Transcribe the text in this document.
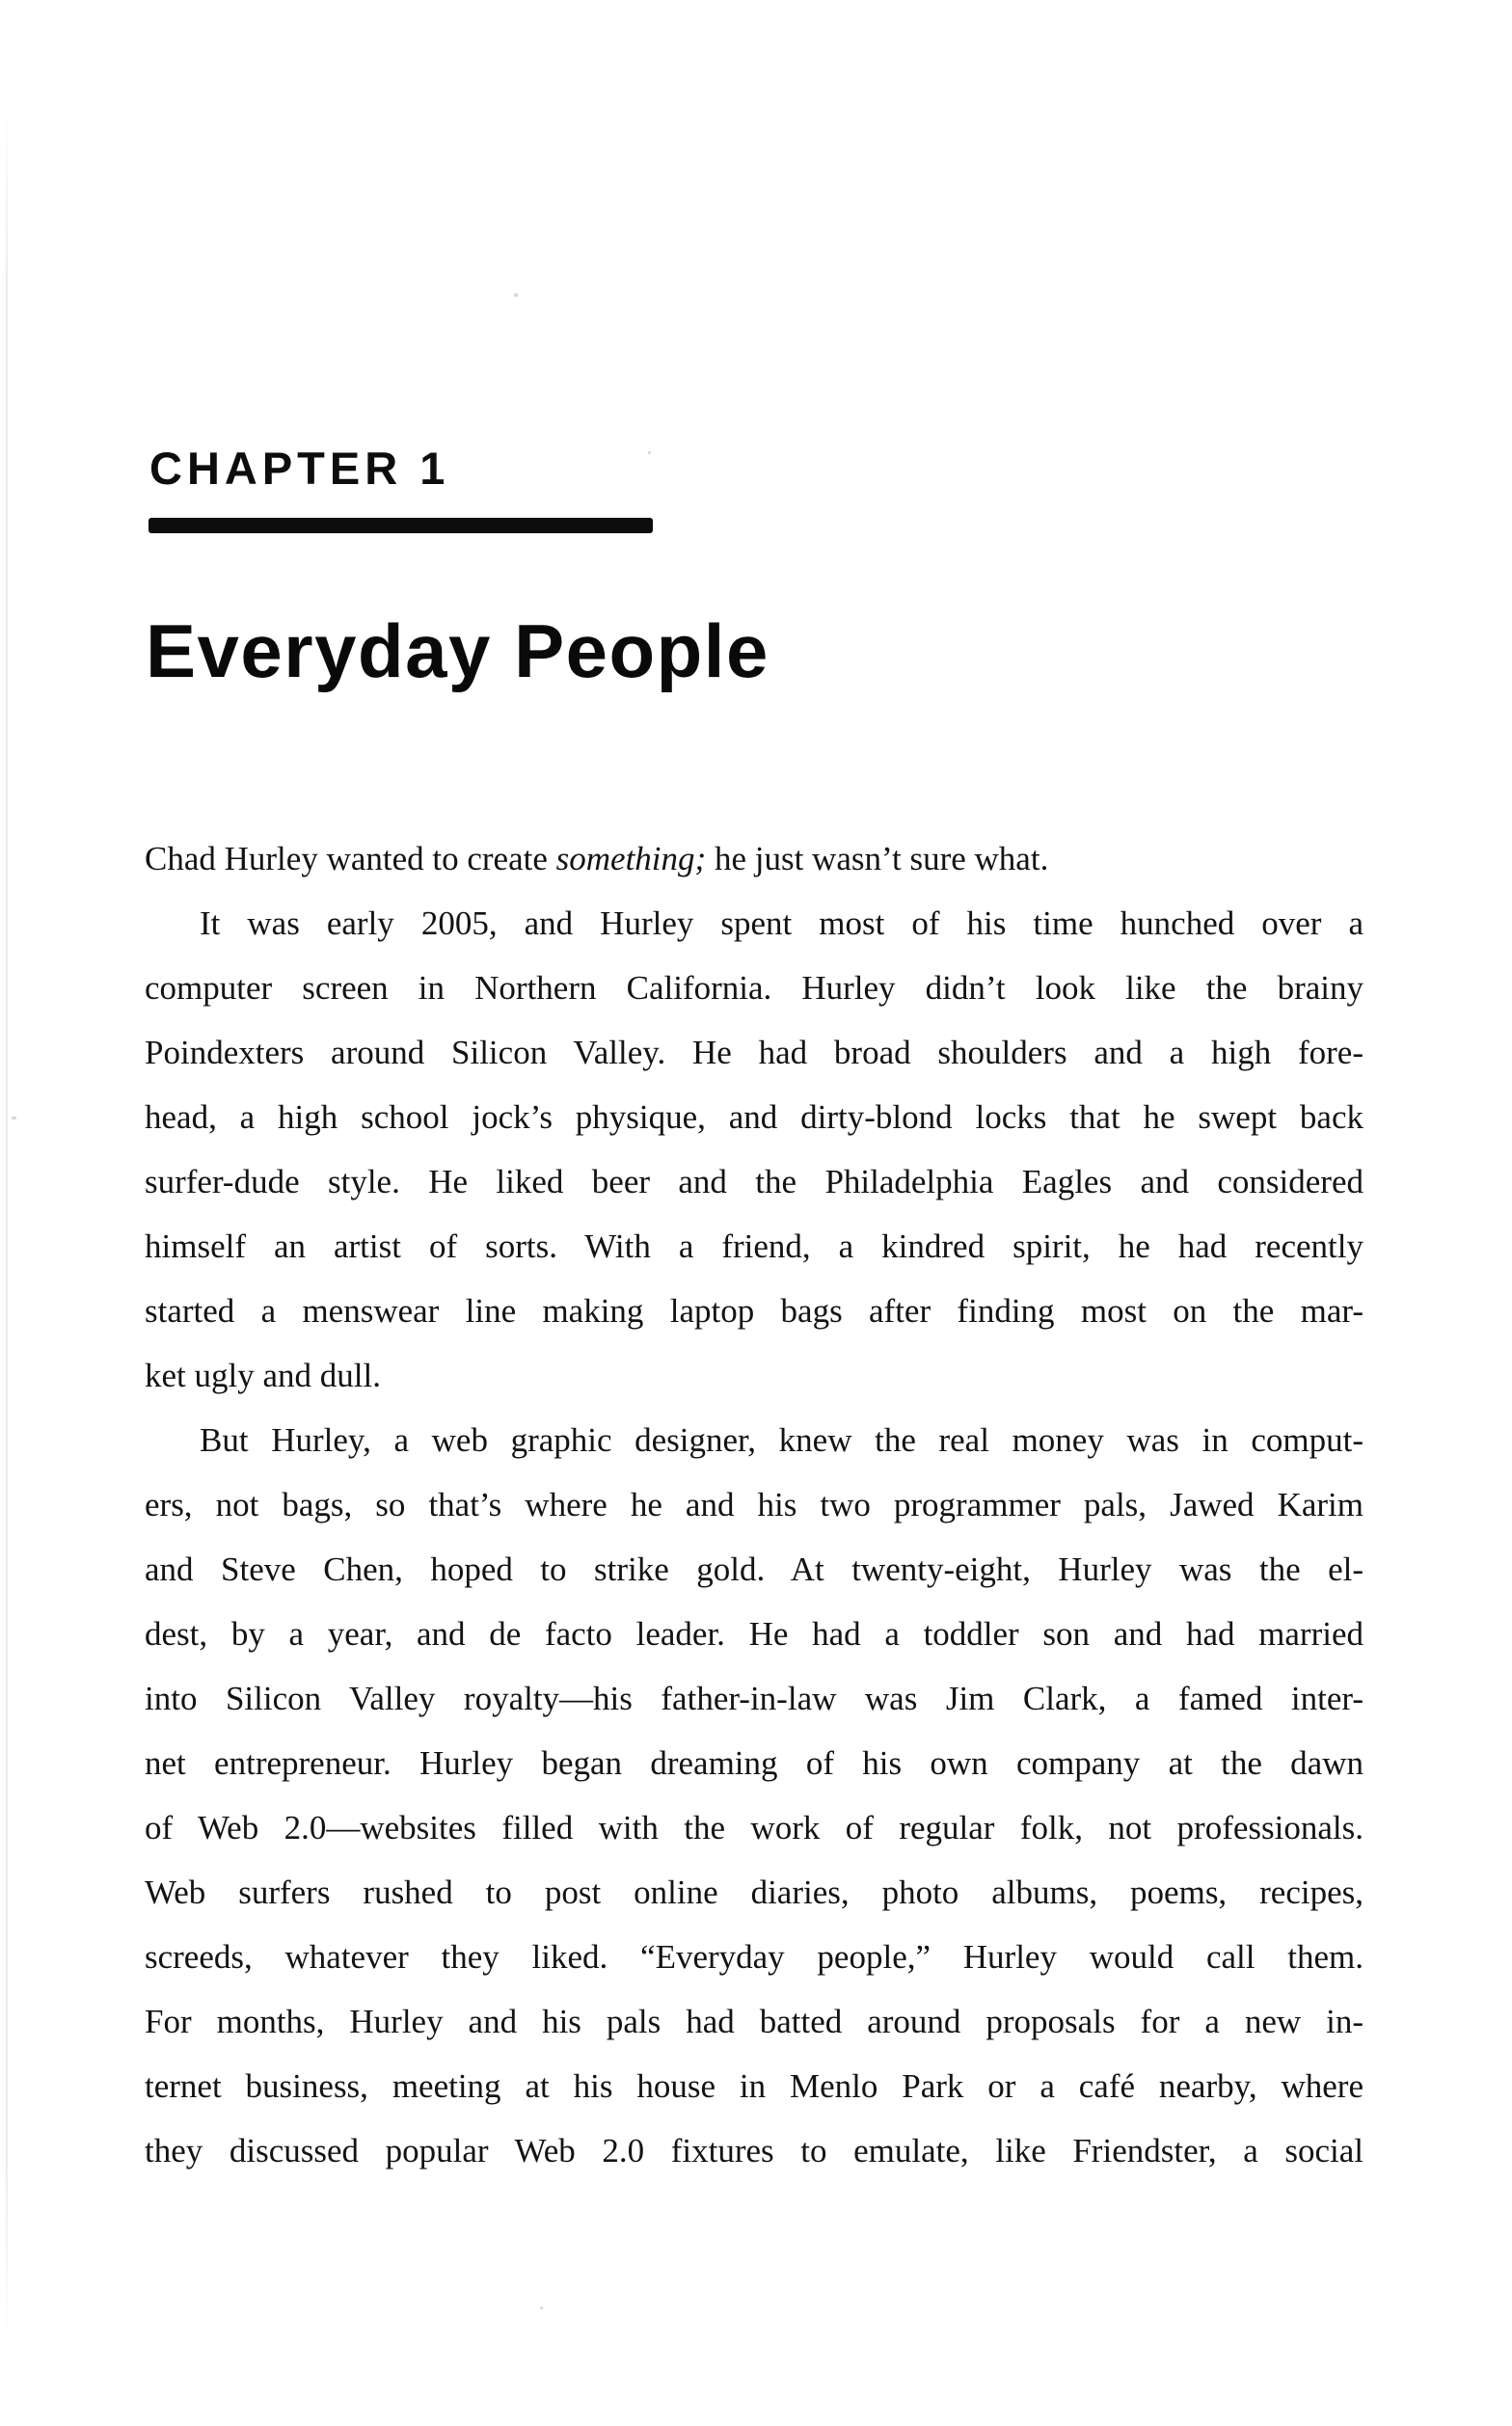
CHAPTER 1
Everyday People
Chad Hurley wanted to create something; he just wasn’t sure what.
It was early 2005, and Hurley spent most of his time hunched over a
computer screen in Northern California. Hurley didn’t look like the brainy
Poindexters around Silicon Valley. He had broad shoulders and a high fore-
head, a high school jock’s physique, and dirty-blond locks that he swept back
surfer-dude style. He liked beer and the Philadelphia Eagles and considered
himself an artist of sorts. With a friend, a kindred spirit, he had recently
started a menswear line making laptop bags after finding most on the mar-
ket ugly and dull.
But Hurley, a web graphic designer, knew the real money was in comput-
ers, not bags, so that’s where he and his two programmer pals, Jawed Karim
and Steve Chen, hoped to strike gold. At twenty-eight, Hurley was the el-
dest, by a year, and de facto leader. He had a toddler son and had married
into Silicon Valley royalty—his father-in-law was Jim Clark, a famed inter-
net entrepreneur. Hurley began dreaming of his own company at the dawn
of Web 2.0—websites filled with the work of regular folk, not professionals.
Web surfers rushed to post online diaries, photo albums, poems, recipes,
screeds, whatever they liked. “Everyday people,” Hurley would call them.
For months, Hurley and his pals had batted around proposals for a new in-
ternet business, meeting at his house in Menlo Park or a café nearby, where
they discussed popular Web 2.0 fixtures to emulate, like Friendster, a social
